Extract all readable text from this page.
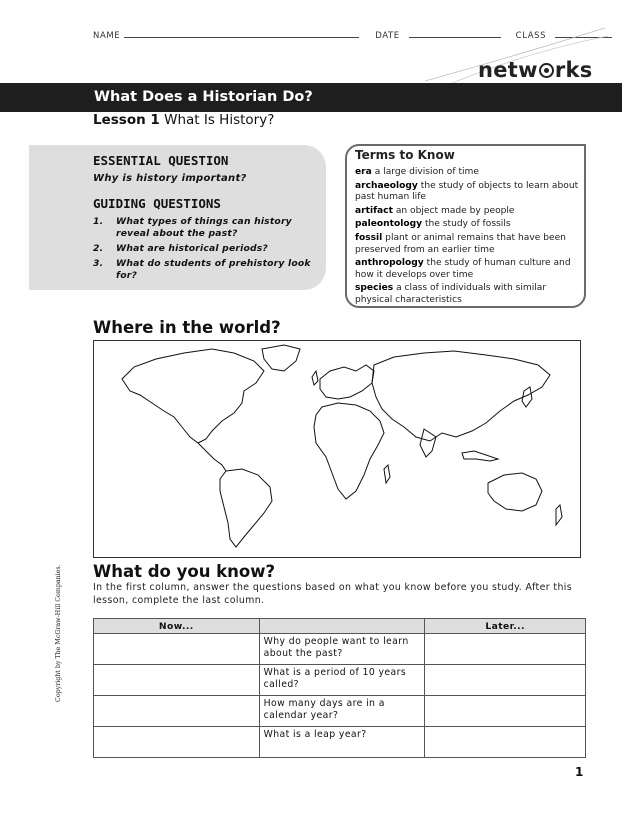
NAME	DATE	CLASS
netw rks
What Does a Historian Do?
Lesson 1 What Is History?
ESSENTIAL QUESTION
Why is history important?
GUIDING QUESTIONS
1.	What types of things can history reveal about the past?
2.	What are historical periods?
3.	What do students of prehistory look for?
Terms to Know
era a large division of time
archaeology the study of objects to learn about past human life
artifact an object made by people
paleontology the study of fossils
fossil plant or animal remains that have been preserved from an earlier time
anthropology the study of human culture and how it develops over time
species a class of individuals with similar physical characteristics
Where in the world?
Copyright by The McGraw-Hill Companies. What do you know?
In the first column, answer the questions based on what you know before you study. After this lesson, complete the last column.
Now...		Later...
	Why do people want to learn about the past?	
	What is a period of 10 years called?	
	How many days are in a calendar year?	
	What is a leap year?	
1
